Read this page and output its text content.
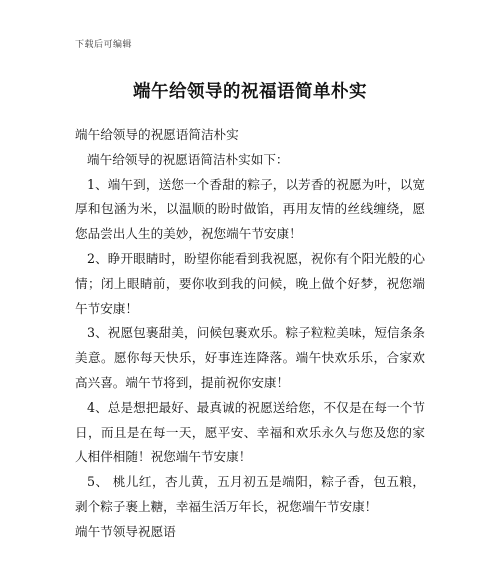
下载后可编辑
端午给领导的祝福语简单朴实

端午给领导的祝愿语简洁朴实

端午给领导的祝愿语简洁朴实如下：

1、端午到，送您一个香甜的粽子，以芳香的祝愿为叶，以宽厚和包涵为米，以温顺的盼时做馅，再用友情的丝线缠绕，愿您品尝出人生的美妙，祝您端午节安康！

2、睁开眼睛时，盼望你能看到我祝愿，祝你有个阳光般的心情；闭上眼睛前，要你收到我的问候，晚上做个好梦，祝您端午节安康！

3、祝愿包裹甜美，问候包裹欢乐。粽子粒粒美味，短信条条美意。愿你每天快乐，好事连连降落。端午快欢乐乐，合家欢高兴喜。端午节将到，提前祝你安康！

4、总是想把最好、最真诚的祝愿送给您，不仅是在每一个节日，而且是在每一天，愿平安、幸福和欢乐永久与您及您的家人相伴相随！祝您端午节安康！

5、 桃儿红，杏儿黄，五月初五是端阳，粽子香，包五粮，剥个粽子裹上糖，幸福生活万年长，祝您端午节安康！

端午节领导祝愿语
